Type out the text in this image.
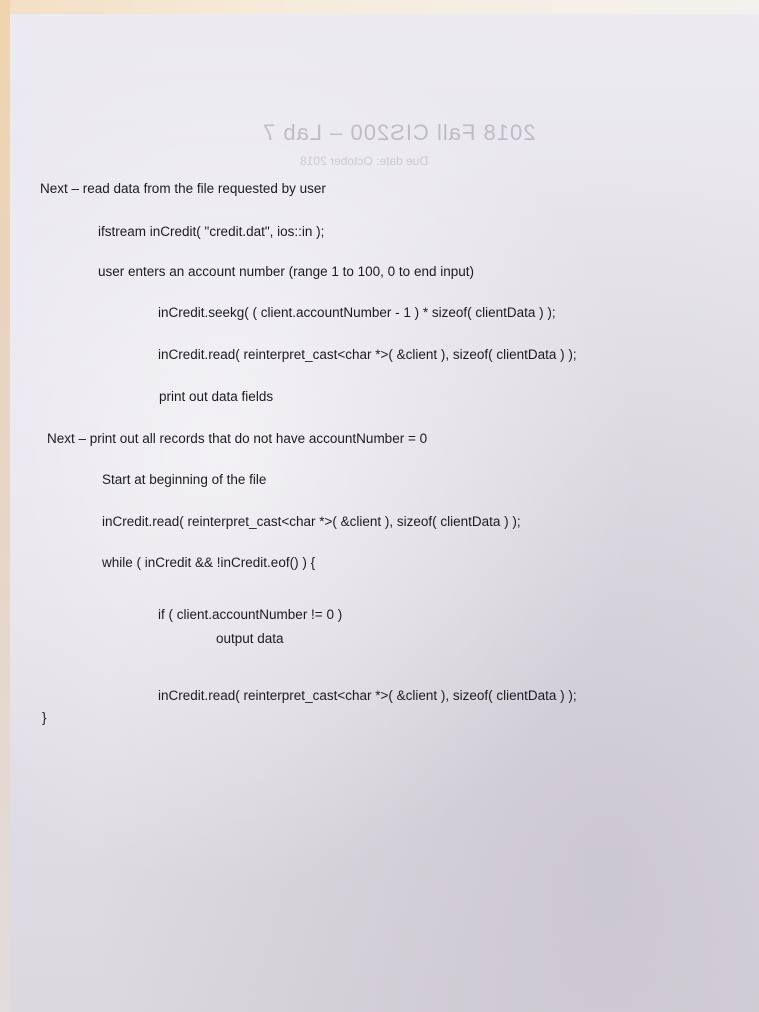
2018 Fall CIS200 – Lab 7
Due date: October 2018
Next – read data from the file requested by user
ifstream inCredit( "credit.dat", ios::in );
user enters an account number (range 1 to 100, 0 to end input)
inCredit.seekg( ( client.accountNumber - 1 ) * sizeof( clientData ) );
inCredit.read( reinterpret_cast<char *>( &client ), sizeof( clientData ) );
print out data fields
Next – print out all records that do not have accountNumber = 0
Start at beginning of the file
inCredit.read( reinterpret_cast<char *>( &client ), sizeof( clientData ) );
while ( inCredit && !inCredit.eof() ) {
if ( client.accountNumber != 0 )
output data
inCredit.read( reinterpret_cast<char *>( &client ), sizeof( clientData ) );
}
